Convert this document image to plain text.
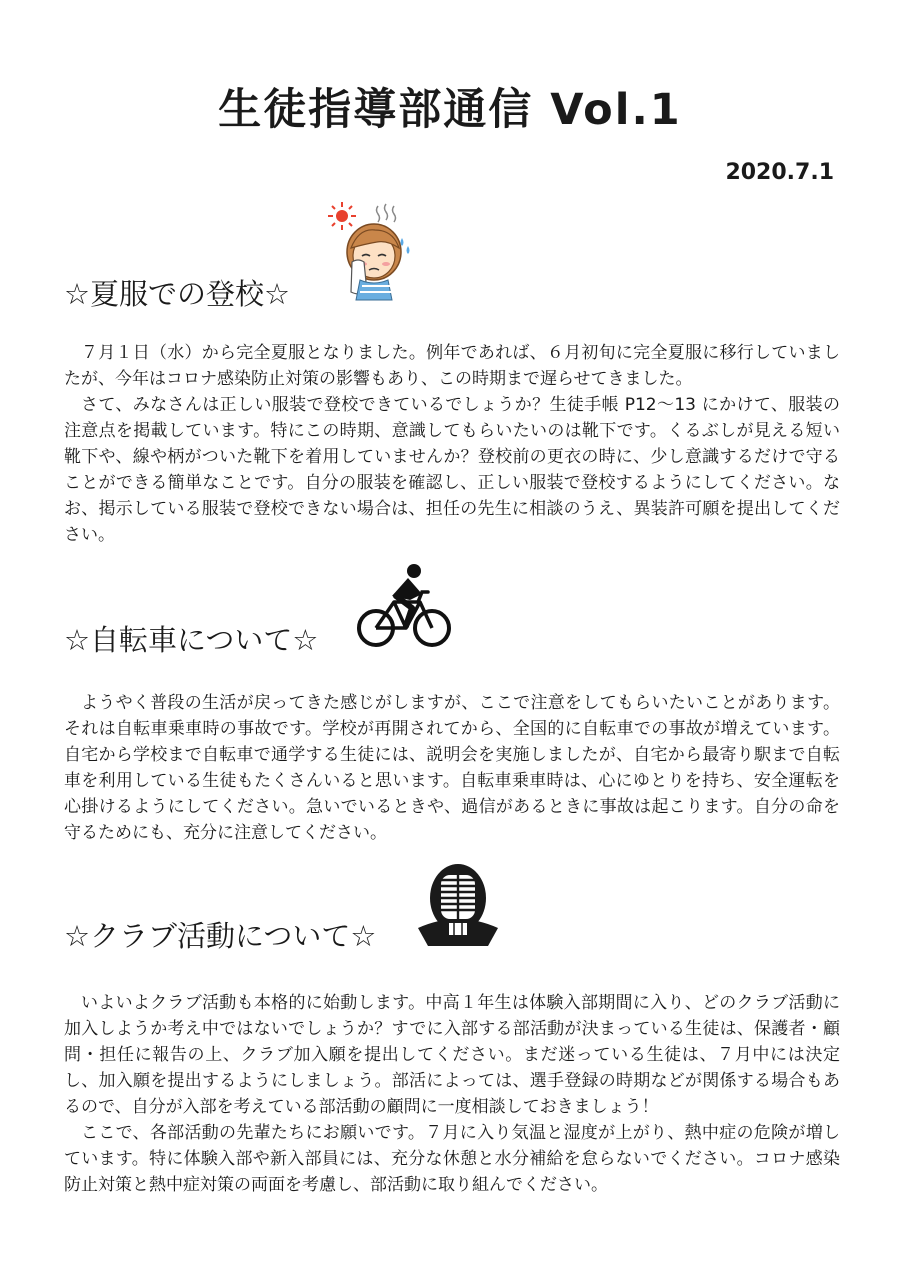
生徒指導部通信 Vol.1

2020.7.1

☆夏服での登校☆

７月１日（水）から完全夏服となりました。例年であれば、６月初旬に完全夏服に移行していましたが、今年はコロナ感染防止対策の影響もあり、この時期まで遅らせてきました。

さて、みなさんは正しい服装で登校できているでしょうか？生徒手帳 P12～13 にかけて、服装の注意点を掲載しています。特にこの時期、意識してもらいたいのは靴下です。くるぶしが見える短い靴下や、線や柄がついた靴下を着用していませんか？登校前の更衣の時に、少し意識するだけで守ることができる簡単なことです。自分の服装を確認し、正しい服装で登校するようにしてください。なお、掲示している服装で登校できない場合は、担任の先生に相談のうえ、異装許可願を提出してください。

☆自転車について☆

ようやく普段の生活が戻ってきた感じがしますが、ここで注意をしてもらいたいことがあります。それは自転車乗車時の事故です。学校が再開されてから、全国的に自転車での事故が増えています。自宅から学校まで自転車で通学する生徒には、説明会を実施しましたが、自宅から最寄り駅まで自転車を利用している生徒もたくさんいると思います。自転車乗車時は、心にゆとりを持ち、安全運転を心掛けるようにしてください。急いでいるときや、過信があるときに事故は起こります。自分の命を守るためにも、充分に注意してください。

☆クラブ活動について☆

いよいよクラブ活動も本格的に始動します。中高１年生は体験入部期間に入り、どのクラブ活動に加入しようか考え中ではないでしょうか？すでに入部する部活動が決まっている生徒は、保護者・顧問・担任に報告の上、クラブ加入願を提出してください。まだ迷っている生徒は、７月中には決定し、加入願を提出するようにしましょう。部活によっては、選手登録の時期などが関係する場合もあるので、自分が入部を考えている部活動の顧問に一度相談しておきましょう！

ここで、各部活動の先輩たちにお願いです。７月に入り気温と湿度が上がり、熱中症の危険が増しています。特に体験入部や新入部員には、充分な休憩と水分補給を怠らないでください。コロナ感染防止対策と熱中症対策の両面を考慮し、部活動に取り組んでください。
